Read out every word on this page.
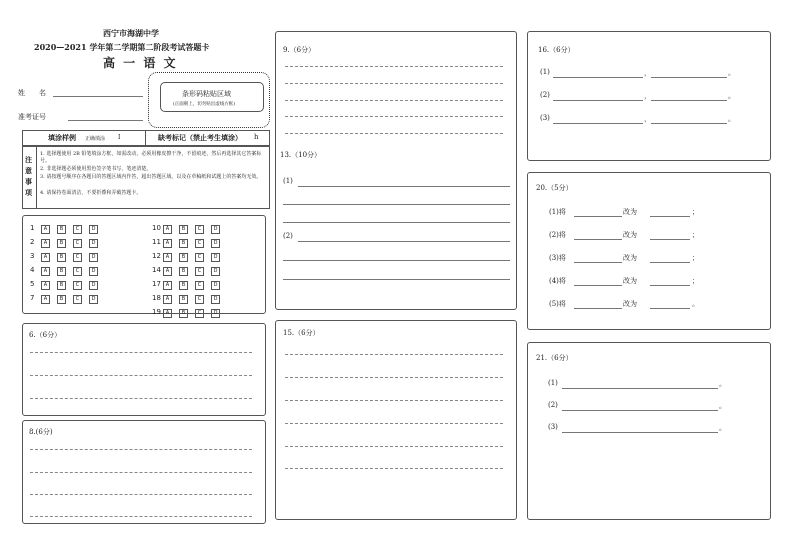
西宁市海湖中学
2020—2021 学年第二学期第二阶段考试答题卡
高 一 语 文
姓　　名
准考证号
条形码粘贴区域
(正面朝上，切勿贴出虚线方框)
填涂样例 正确填涂 I	缺考标记（禁止考生填涂） h
注意事项
1. 选择题使用 2B 铅笔填涂方框，如需改动，必须用橡皮擦干净，不留痕迹，然后再选择其它答案标号。
2. 非选择题必须使用黑色签字笔书写，笔迹清楚。
3. 请按题号顺序在各题目的答题区域内作答，超出答题区域，以及在草稿纸和试题上的答案均无效。
4. 请保持卷面清洁，不要折叠和弄破答题卡。
1	A	B	C	D
2	A	B	C	D
3	A	B	C	D
4	A	B	C	D
5	A	B	C	D
7	A	B	C	D
10 A	B	C	D
11 A	B	C	D
12 A	B	C	D
14 A	B	C	D
17 A	B	C	D
18 A	B	C	D
19 A	B	C	D
6.（6分）
8.(6分)
9.（6分）
13.（10分）
(1)
(2)
15.（6分）
16.（6分）
(1)	，	。
(2)	，	。
(3)	，	。
20.（5分）
(1)将	改为	；
(2)将	改为	；
(3)将	改为	；
(4)将	改为	；
(5)将	改为	。
21.（6分）
(1)	。
(2)	。
(3)	。
